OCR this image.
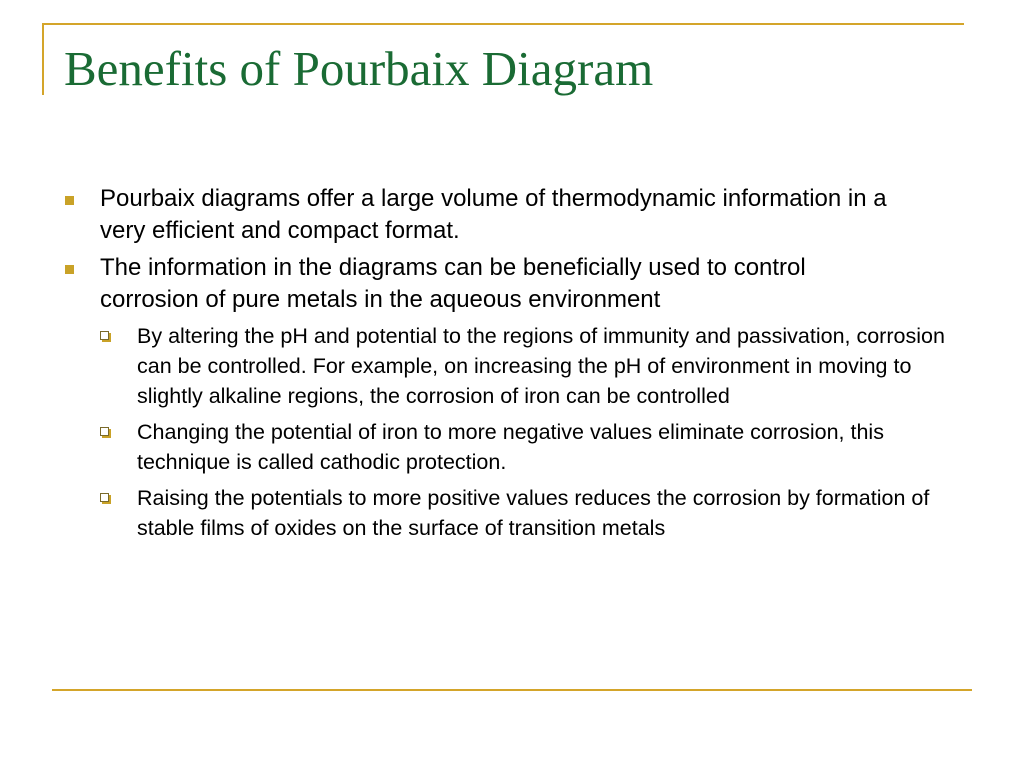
Benefits of Pourbaix Diagram
Pourbaix diagrams offer a large volume of thermodynamic information in a very efficient and compact format.
The information in the diagrams can be beneficially used to control corrosion of pure metals in the aqueous environment
By altering the pH and potential to the regions of immunity and passivation, corrosion can be controlled. For example, on increasing the pH of environment in moving to slightly alkaline regions, the corrosion of iron can be controlled
Changing the potential of iron to more negative values eliminate corrosion, this technique is called cathodic protection.
Raising the potentials to more positive values reduces the corrosion by formation of stable films of oxides on the surface of transition metals
